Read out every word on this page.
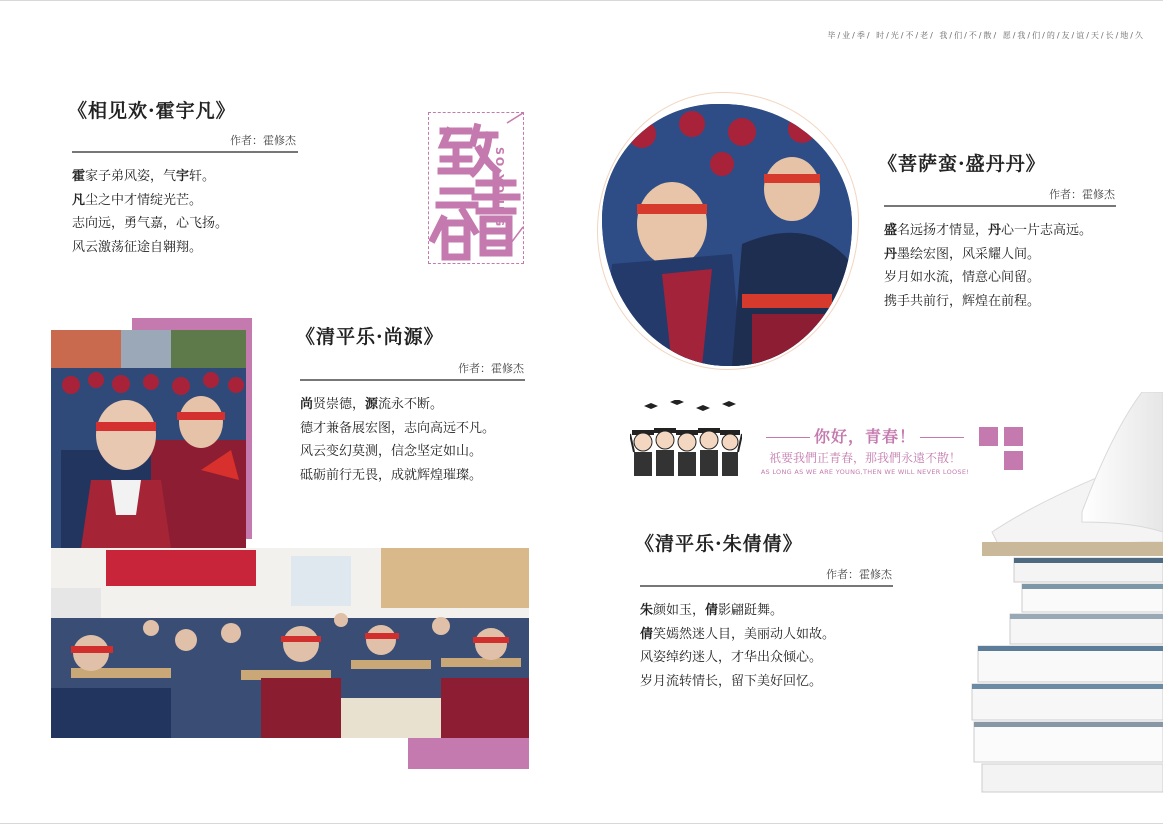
毕/业/季/ 时/光/不/老/ 我/们/不/散/ 愿/我/们/的/友/谊/天/长/地/久
《相见欢·霍宇凡》
作者：霍修杰
霍家子弟风姿，气宇轩。
凡尘之中才情绽光芒。
志向远，勇气嘉，心飞扬。
风云激荡征途自翱翔。
SO YOUNG
《清平乐·尚源》
作者：霍修杰
尚贤崇德，源流永不断。
德才兼备展宏图，志向高远不凡。
风云变幻莫测，信念坚定如山。
砥砺前行无畏，成就辉煌璀璨。
《菩萨蛮·盛丹丹》
作者：霍修杰
盛名远扬才情显，丹心一片志高远。
丹墨绘宏图，风采耀人间。
岁月如水流，情意心间留。
携手共前行，辉煌在前程。
你好，青春！
祇要我們正青春，那我們永遠不散！
AS LONG AS WE ARE YOUNG,THEN WE WILL NEVER LOOSE!
《清平乐·朱倩倩》
作者：霍修杰
朱颜如玉，倩影翩跹舞。
倩笑嫣然迷人目，美丽动人如故。
风姿绰约迷人，才华出众倾心。
岁月流转情长，留下美好回忆。
